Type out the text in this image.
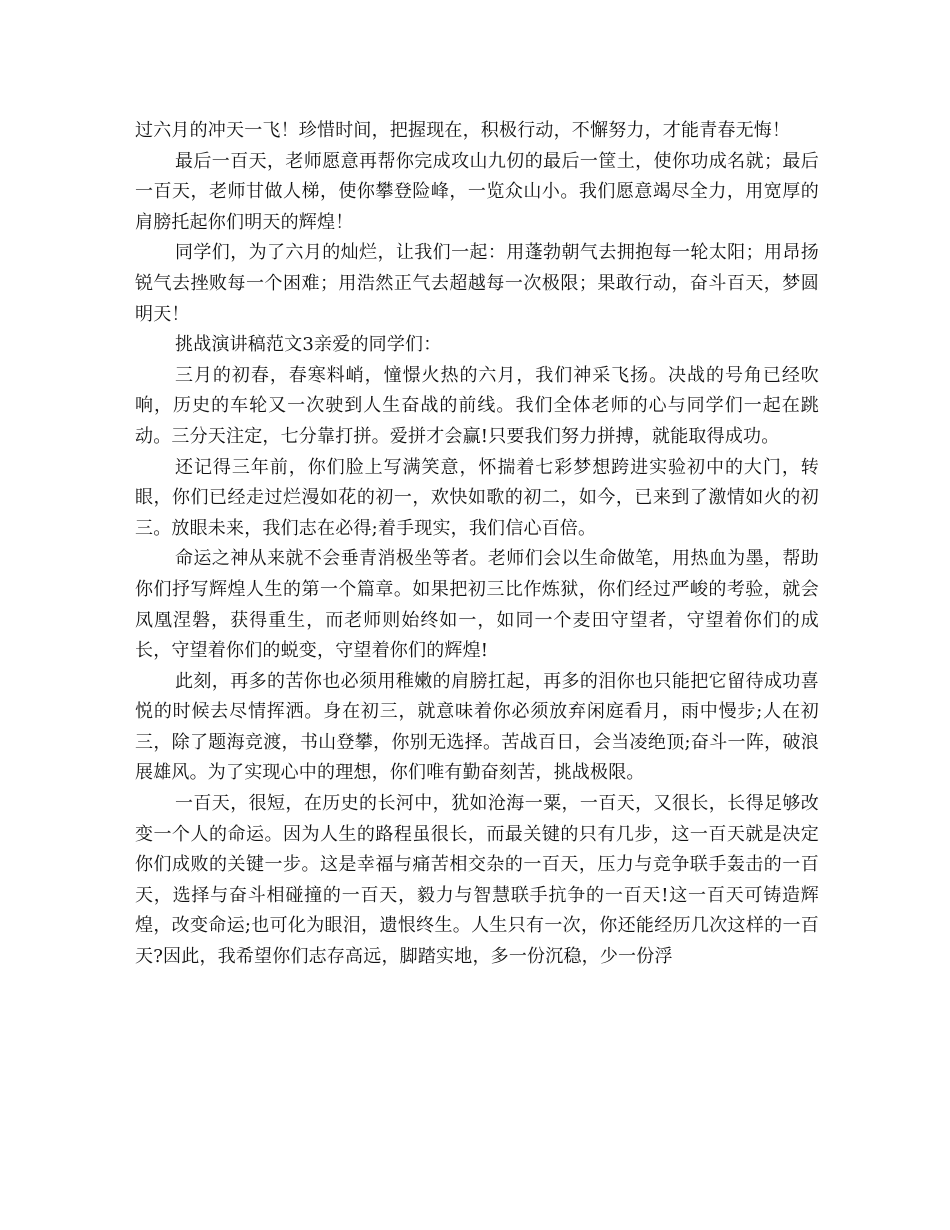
过六月的冲天一飞！珍惜时间，把握现在，积极行动，不懈努力，才能青春无悔！

最后一百天，老师愿意再帮你完成攻山九仞的最后一筐土，使你功成名就；最后一百天，老师甘做人梯，使你攀登险峰，一览众山小。我们愿意竭尽全力，用宽厚的肩膀托起你们明天的辉煌！

同学们，为了六月的灿烂，让我们一起：用蓬勃朝气去拥抱每一轮太阳；用昂扬锐气去挫败每一个困难；用浩然正气去超越每一次极限；果敢行动，奋斗百天，梦圆明天！

挑战演讲稿范文3亲爱的同学们：

三月的初春，春寒料峭，憧憬火热的六月，我们神采飞扬。决战的号角已经吹响，历史的车轮又一次驶到人生奋战的前线。我们全体老师的心与同学们一起在跳动。三分天注定，七分靠打拼。爱拼才会赢!只要我们努力拼搏，就能取得成功。

还记得三年前，你们脸上写满笑意，怀揣着七彩梦想跨进实验初中的大门，转眼，你们已经走过烂漫如花的初一，欢快如歌的初二，如今，已来到了激情如火的初三。放眼未来，我们志在必得;着手现实，我们信心百倍。

命运之神从来就不会垂青消极坐等者。老师们会以生命做笔，用热血为墨，帮助你们抒写辉煌人生的第一个篇章。如果把初三比作炼狱，你们经过严峻的考验，就会凤凰涅磐，获得重生，而老师则始终如一，如同一个麦田守望者，守望着你们的成长，守望着你们的蜕变，守望着你们的辉煌!

此刻，再多的苦你也必须用稚嫩的肩膀扛起，再多的泪你也只能把它留待成功喜悦的时候去尽情挥洒。身在初三，就意味着你必须放弃闲庭看月，雨中慢步;人在初三，除了题海竞渡，书山登攀，你别无选择。苦战百日，会当凌绝顶;奋斗一阵，破浪展雄风。为了实现心中的理想，你们唯有勤奋刻苦，挑战极限。

一百天，很短，在历史的长河中，犹如沧海一粟，一百天，又很长，长得足够改变一个人的命运。因为人生的路程虽很长，而最关键的只有几步，这一百天就是决定你们成败的关键一步。这是幸福与痛苦相交杂的一百天，压力与竞争联手轰击的一百天，选择与奋斗相碰撞的一百天，毅力与智慧联手抗争的一百天!这一百天可铸造辉煌，改变命运;也可化为眼泪，遗恨终生。人生只有一次，你还能经历几次这样的一百天?因此，我希望你们志存高远，脚踏实地，多一份沉稳，少一份浮
